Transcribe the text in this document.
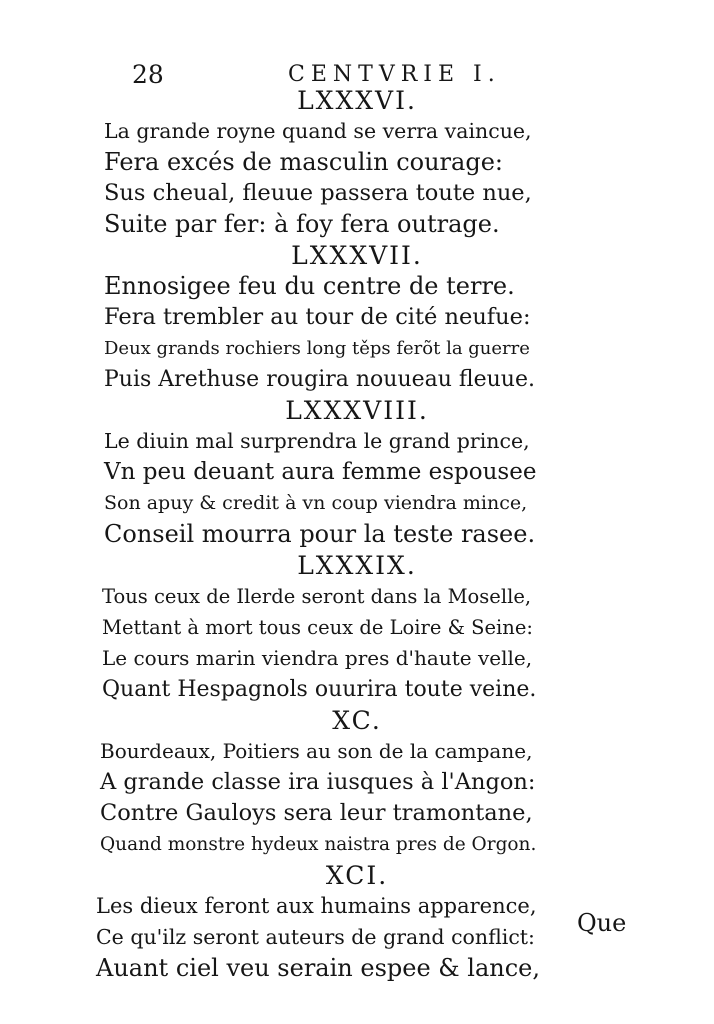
28	CENTVRIE I.
LXXXVI.
La grande royne quand se verra vaincue,
Fera excés de masculin courage:
Sus cheual, fleuue passera toute nue,
Suite par fer: à foy fera outrage.
LXXXVII.
Ennosigee feu du centre de terre.
Fera trembler au tour de cité neufue:
Deux grands rochiers long těps ferõt la guerre
Puis Arethuse rougira nouueau fleuue.
LXXXVIII.
Le diuin mal surprendra le grand prince,
Vn peu deuant aura femme espousee
Son apuy & credit à vn coup viendra mince,
Conseil mourra pour la teste rasee.
LXXXIX.
Tous ceux de Ilerde seront dans la Moselle,
Mettant à mort tous ceux de Loire & Seine:
Le cours marin viendra pres d'haute velle,
Quant Hespagnols ouurira toute veine.
XC.
Bourdeaux, Poitiers au son de la campane,
A grande classe ira iusques à l'Angon:
Contre Gauloys sera leur tramontane,
Quand monstre hydeux naistra pres de Orgon.
XCI.
Les dieux feront aux humains apparence,
Ce qu'ilz seront auteurs de grand conflict:
Auant ciel veu serain espee & lance,
Que
